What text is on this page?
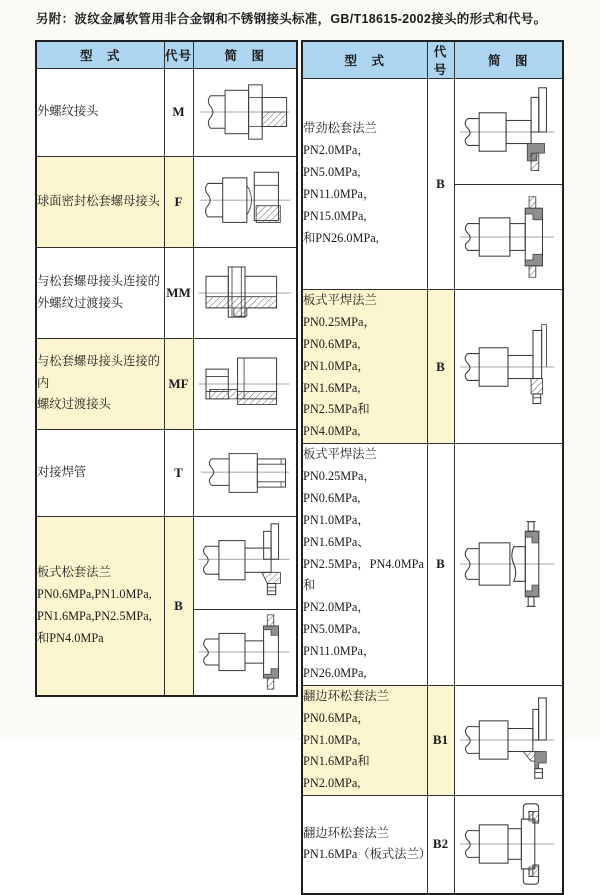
另附：波纹金属软管用非合金钢和不锈钢接头标准，GB/T18615-2002接头的形式和代号。
型　式	代号	简　图

外螺纹接头	M	

球面密封松套螺母接头	F	

与松套螺母接头连接的
外螺纹过渡接头	MM	

与松套螺母接头连接的内
螺纹过渡接头	MF	

对接焊管	T	

板式松套法兰
PN0.6MPa,PN1.0MPa,
PN1.6MPa,PN2.5MPa,
和PN4.0MPa	B	

型　式	代号	简　图

带劲松套法兰
PN2.0MPa，PN5.0MPa,
PN11.0MPa，PN15.0MPa,
和PN26.0MPa,	B	

板式平焊法兰
PN0.25MPa，PN0.6MPa,
PN1.0MPa，PN1.6MPa,
PN2.5MPa和PN4.0MPa,	B	

板式平焊法兰
PN0.25MPa，PN0.6MPa,
PN1.0MPa，PN1.6MPa、
PN2.5MPa，PN4.0MPa和
PN2.0MPa，PN5.0MPa,
PN11.0MPa，PN26.0MPa,
	B	

翻边环松套法兰
PN0.6MPa，PN1.0MPa,
PN1.6MPa和PN2.0MPa,	B1	

翻边环松套法兰
PN1.6MPa（板式法兰）	B2	
